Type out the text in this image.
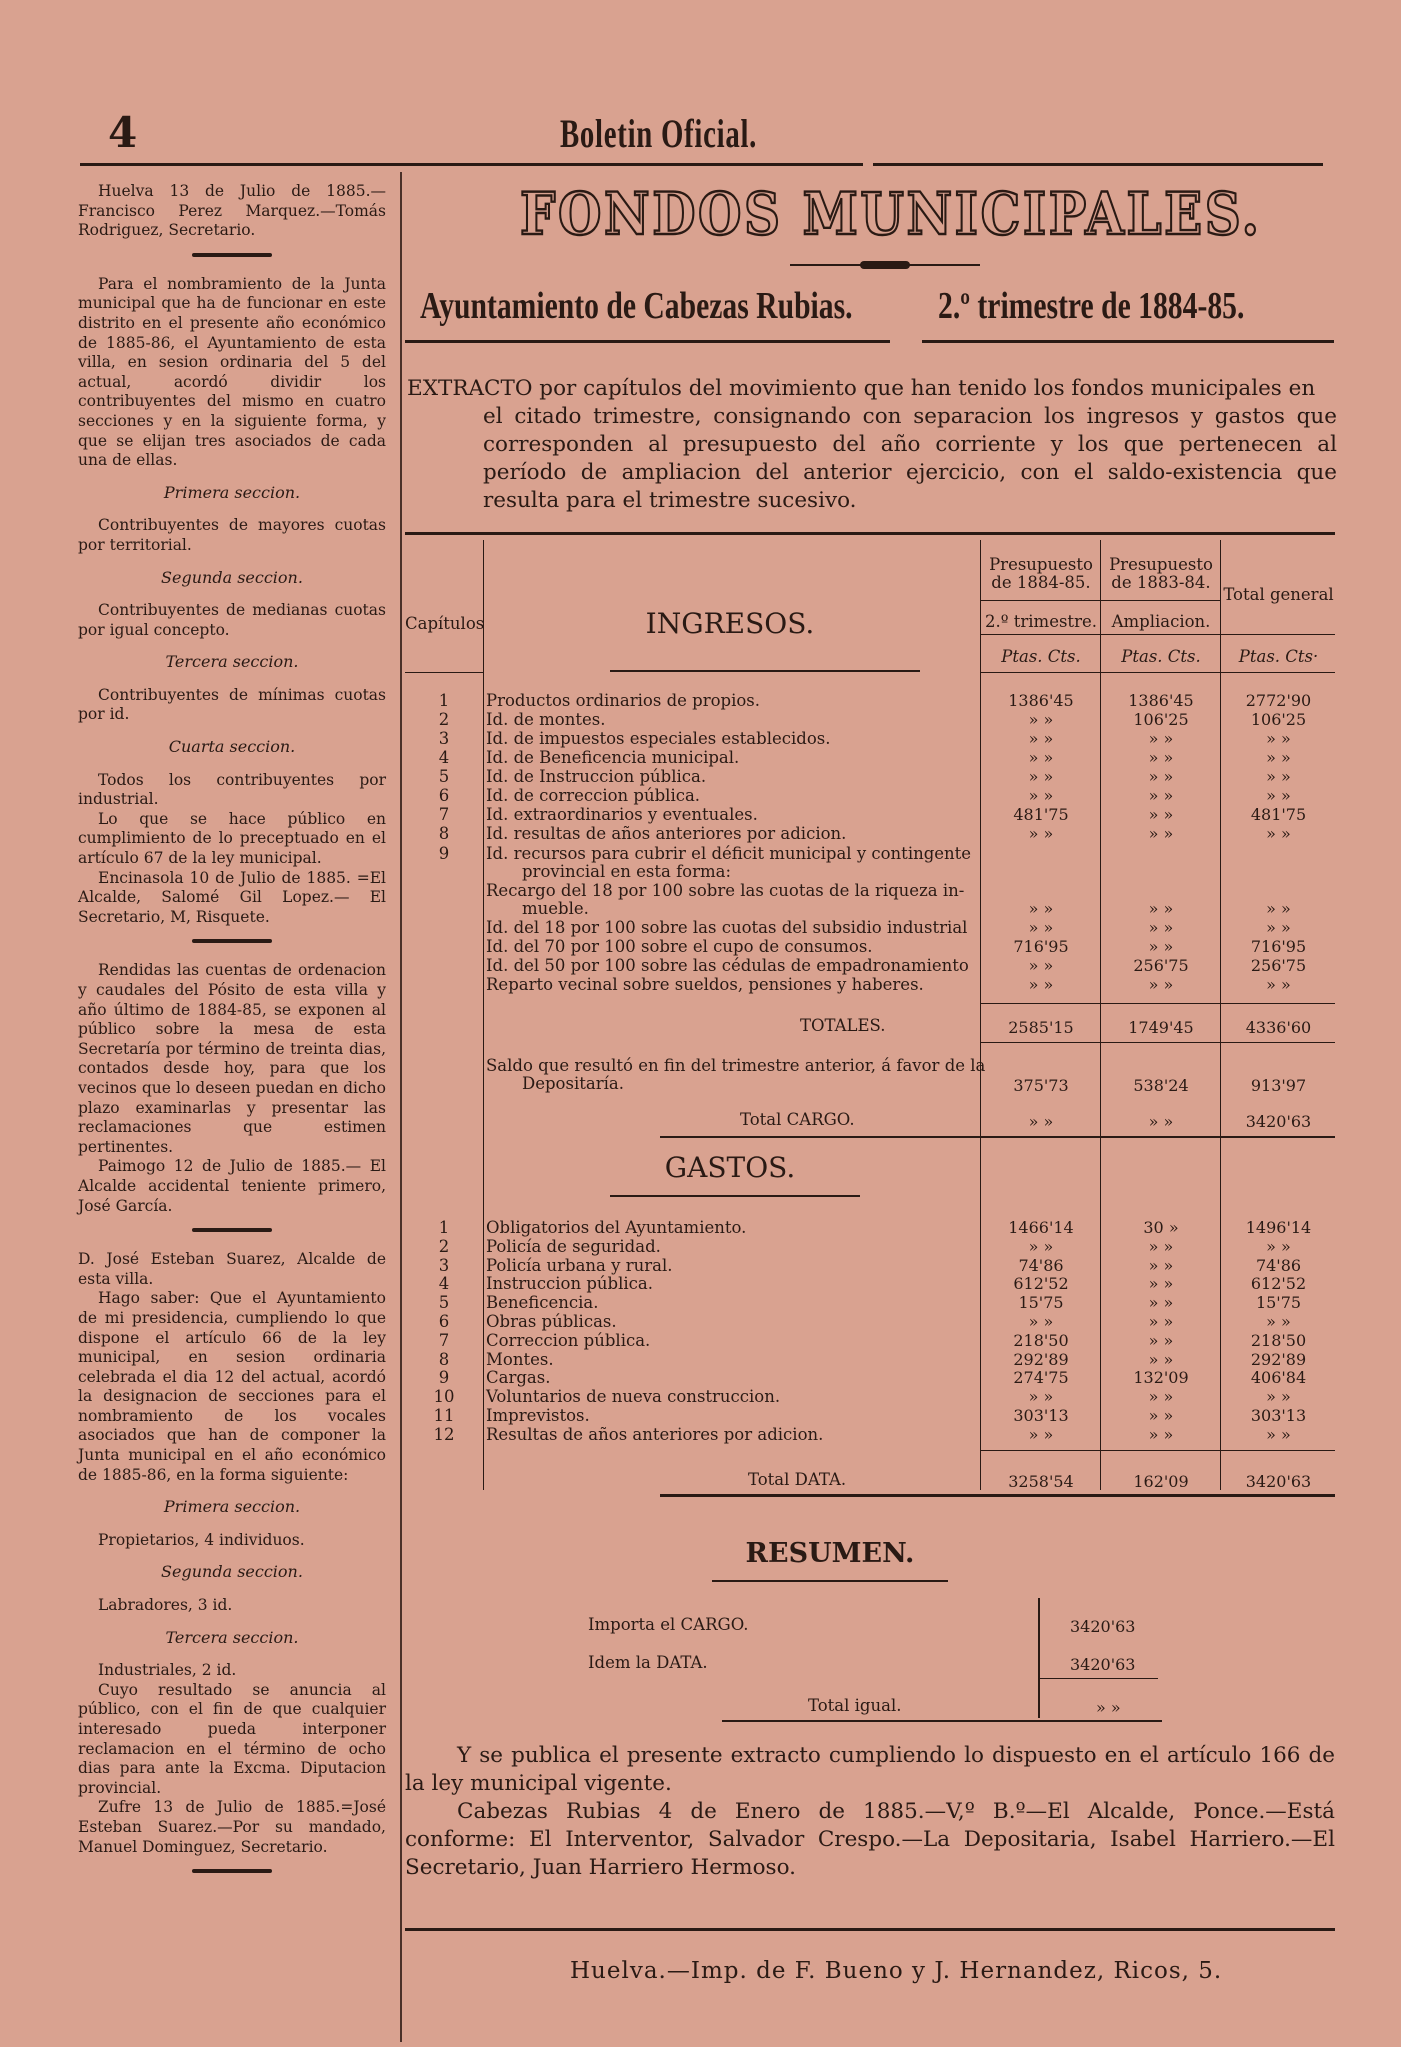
4	Boletin Oficial.

Huelva 13 de Julio de 1885.— Francisco Perez Marquez.—Tomás Rodriguez, Secretario.

Para el nombramiento de la Junta municipal que ha de funcionar en este distrito en el presente año económico de 1885-86, el Ayuntamiento de esta villa, en sesion ordinaria del 5 del actual, acordó dividir los contribuyentes del mismo en cuatro secciones y en la siguiente forma, y que se elijan tres asociados de cada una de ellas.

Primera seccion.

Contribuyentes de mayores cuotas por territorial.

Segunda seccion.

Contribuyentes de medianas cuotas por igual concepto.

Tercera seccion.

Contribuyentes de mínimas cuotas por id.

Cuarta seccion.

Todos los contribuyentes por industrial.

Lo que se hace público en cumplimiento de lo preceptuado en el artículo 67 de la ley municipal.

Encinasola 10 de Julio de 1885. =El Alcalde, Salomé Gil Lopez.— El Secretario, M, Risquete.

Rendidas las cuentas de ordenacion y caudales del Pósito de esta villa y año último de 1884-85, se exponen al público sobre la mesa de esta Secretaría por término de treinta dias, contados desde hoy, para que los vecinos que lo deseen puedan en dicho plazo examinarlas y presentar las reclamaciones que estimen pertinentes.

Paimogo 12 de Julio de 1885.— El Alcalde accidental teniente primero, José García.

D. José Esteban Suarez, Alcalde de esta villa.

Hago saber: Que el Ayuntamiento de mi presidencia, cumpliendo lo que dispone el artículo 66 de la ley municipal, en sesion ordinaria celebrada el dia 12 del actual, acordó la designacion de secciones para el nombramiento de los vocales asociados que han de componer la Junta municipal en el año económico de 1885-86, en la forma siguiente:

Primera seccion.

Propietarios, 4 individuos.

Segunda seccion.

Labradores, 3 id.

Tercera seccion.

Industriales, 2 id.

Cuyo resultado se anuncia al público, con el fin de que cualquier interesado pueda interponer reclamacion en el término de ocho dias para ante la Excma. Diputacion provincial.

Zufre 13 de Julio de 1885.=José Esteban Suarez.—Por su mandado, Manuel Dominguez, Secretario.

FONDOS MUNICIPALES.
Ayuntamiento de Cabezas Rubias. 2.º trimestre de 1884-85.
EXTRACTO por capítulos del movimiento que han tenido los fondos municipales en
el citado trimestre, consignando con separacion los ingresos y gastos que corresponden al presupuesto del año corriente y los que pertenecen al período de ampliacion del anterior ejercicio, con el saldo-existencia que resulta para el trimestre sucesivo.
Capítulos	INGRESOS.
Presupuesto
de 1884-85.
2.º trimestre.
Presupuesto
de 1883-84.
Ampliacion.
Total general
Ptas. Cts.	Ptas. Cts.	Ptas. Cts·
1	Productos ordinarios de propios.	1386'45	1386'45	2772'90
2	Id. de montes.	» »	106'25	106'25
3	Id. de impuestos especiales establecidos.	» »	» »	» »
4	Id. de Beneficencia municipal.	» »	» »	» »
5	Id. de Instruccion pública.	» »	» »	» »
6	Id. de correccion pública.	» »	» »	» »
7	Id. extraordinarios y eventuales.	481'75	» »	481'75
8	Id. resultas de años anteriores por adicion.	» »	» »	» »
9	Id. recursos para cubrir el déficit municipal y contingente
provincial en esta forma:
Recargo del 18 por 100 sobre las cuotas de la riqueza in-
mueble.	» »	» »	» »
Id. del 18 por 100 sobre las cuotas del subsidio industrial	» »	» »	» »
Id. del 70 por 100 sobre el cupo de consumos.	716'95	» »	716'95
Id. del 50 por 100 sobre las cédulas de empadronamiento	» »	256'75	256'75
Reparto vecinal sobre sueldos, pensiones y haberes.	» »	» »	» »
TOTALES.	2585'15	1749'45	4336'60
Saldo que resultó en fin del trimestre anterior, á favor de la
Depositaría.	375'73	538'24	913'97
Total CARGO.	» »	» »	3420'63
GASTOS.
1	Obligatorios del Ayuntamiento.	1466'14	30 »	1496'14
2	Policía de seguridad.	» »	» »	» »
3	Policía urbana y rural.	74'86	» »	74'86
4	Instruccion pública.	612'52	» »	612'52
5	Beneficencia.	15'75	» »	15'75
6	Obras públicas.	» »	» »	» »
7	Correccion pública.	218'50	» »	218'50
8	Montes.	292'89	» »	292'89
9	Cargas.	274'75	132'09	406'84
10	Voluntarios de nueva construccion.	» »	» »	» »
11	Imprevistos.	303'13	» »	303'13
12	Resultas de años anteriores por adicion.	» »	» »	» »
Total DATA.	3258'54	162'09	3420'63
RESUMEN.
Importa el CARGO.	3420'63
Idem la DATA.	3420'63
Total igual.	» »

Y se publica el presente extracto cumpliendo lo dispuesto en el artículo 166 de la ley municipal vigente.

Cabezas Rubias 4 de Enero de 1885.—V,º B.º—El Alcalde, Ponce.—Está conforme: El Interventor, Salvador Crespo.—La Depositaria, Isabel Harriero.—El Secretario, Juan Harriero Hermoso.

Huelva.—Imp. de F. Bueno y J. Hernandez, Ricos, 5.
